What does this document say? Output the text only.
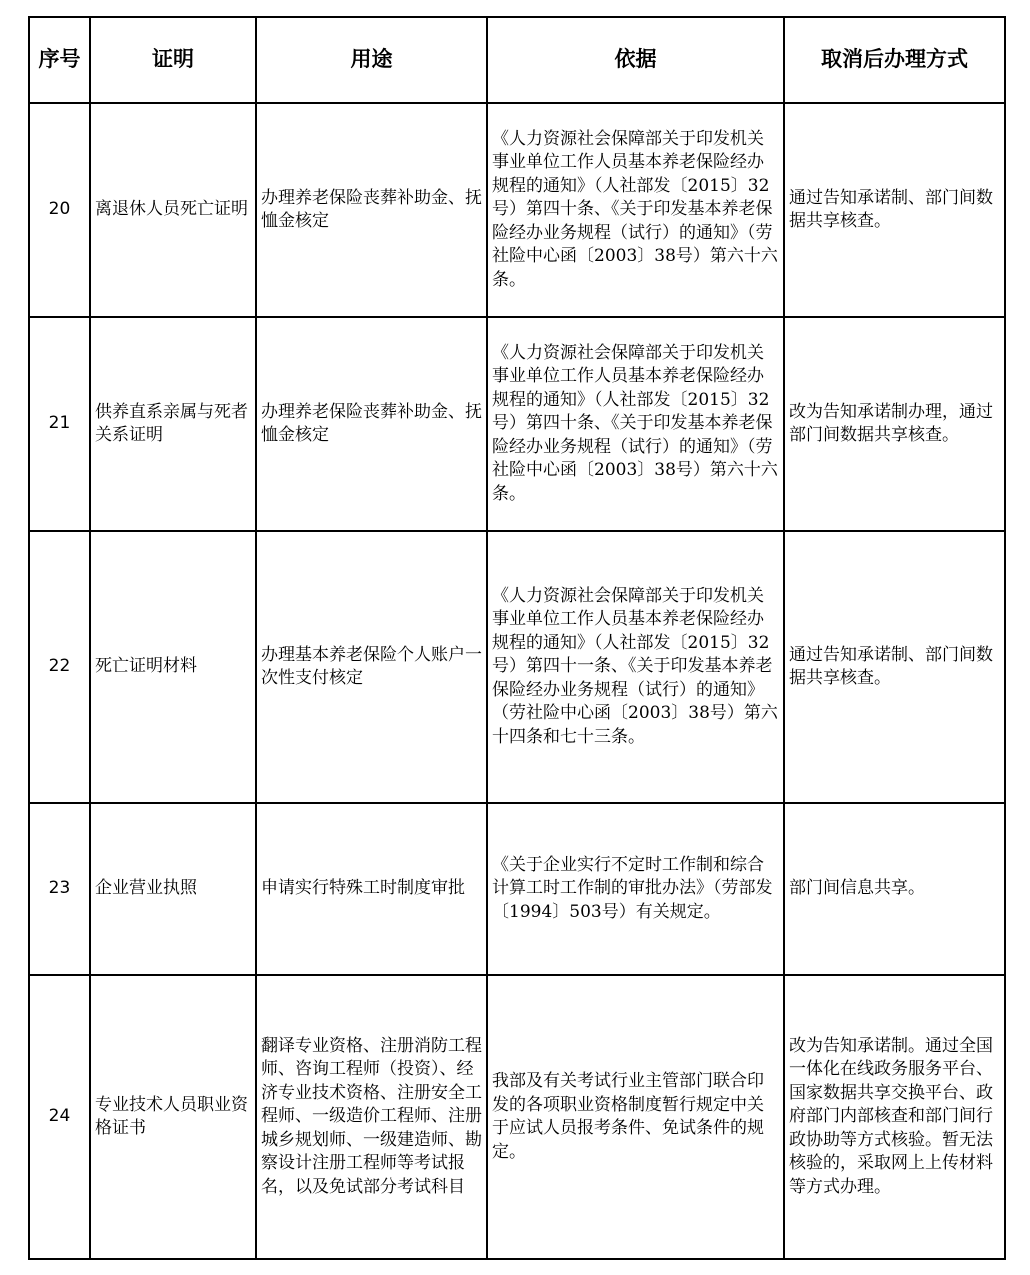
序号	证明	用途	依据	取消后办理方式
20	离退休人员死亡证明	办理养老保险丧葬补助金、抚恤金核定	《人力资源社会保障部关于印发机关事业单位工作人员基本养老保险经办规程的通知》（人社部发〔2015〕32号）第四十条、《关于印发基本养老保险经办业务规程（试行）的通知》（劳社险中心函〔2003〕38号）第六十六条。	通过告知承诺制、部门间数据共享核查。
21	供养直系亲属与死者关系证明	办理养老保险丧葬补助金、抚恤金核定	《人力资源社会保障部关于印发机关事业单位工作人员基本养老保险经办规程的通知》（人社部发〔2015〕32号）第四十条、《关于印发基本养老保险经办业务规程（试行）的通知》（劳社险中心函〔2003〕38号）第六十六条。	改为告知承诺制办理，通过部门间数据共享核查。
22	死亡证明材料	办理基本养老保险个人账户一次性支付核定	《人力资源社会保障部关于印发机关事业单位工作人员基本养老保险经办规程的通知》（人社部发〔2015〕32号）第四十一条、《关于印发基本养老保险经办业务规程（试行）的通知》（劳社险中心函〔2003〕38号）第六十四条和七十三条。	通过告知承诺制、部门间数据共享核查。
23	企业营业执照	申请实行特殊工时制度审批	《关于企业实行不定时工作制和综合计算工时工作制的审批办法》（劳部发〔1994〕503号）有关规定。	部门间信息共享。
24	专业技术人员职业资格证书	翻译专业资格、注册消防工程师、咨询工程师（投资）、经济专业技术资格、注册安全工程师、一级造价工程师、注册城乡规划师、一级建造师、勘察设计注册工程师等考试报名，以及免试部分考试科目	我部及有关考试行业主管部门联合印发的各项职业资格制度暂行规定中关于应试人员报考条件、免试条件的规定。	改为告知承诺制。通过全国一体化在线政务服务平台、国家数据共享交换平台、政府部门内部核查和部门间行政协助等方式核验。暂无法核验的，采取网上上传材料等方式办理。
